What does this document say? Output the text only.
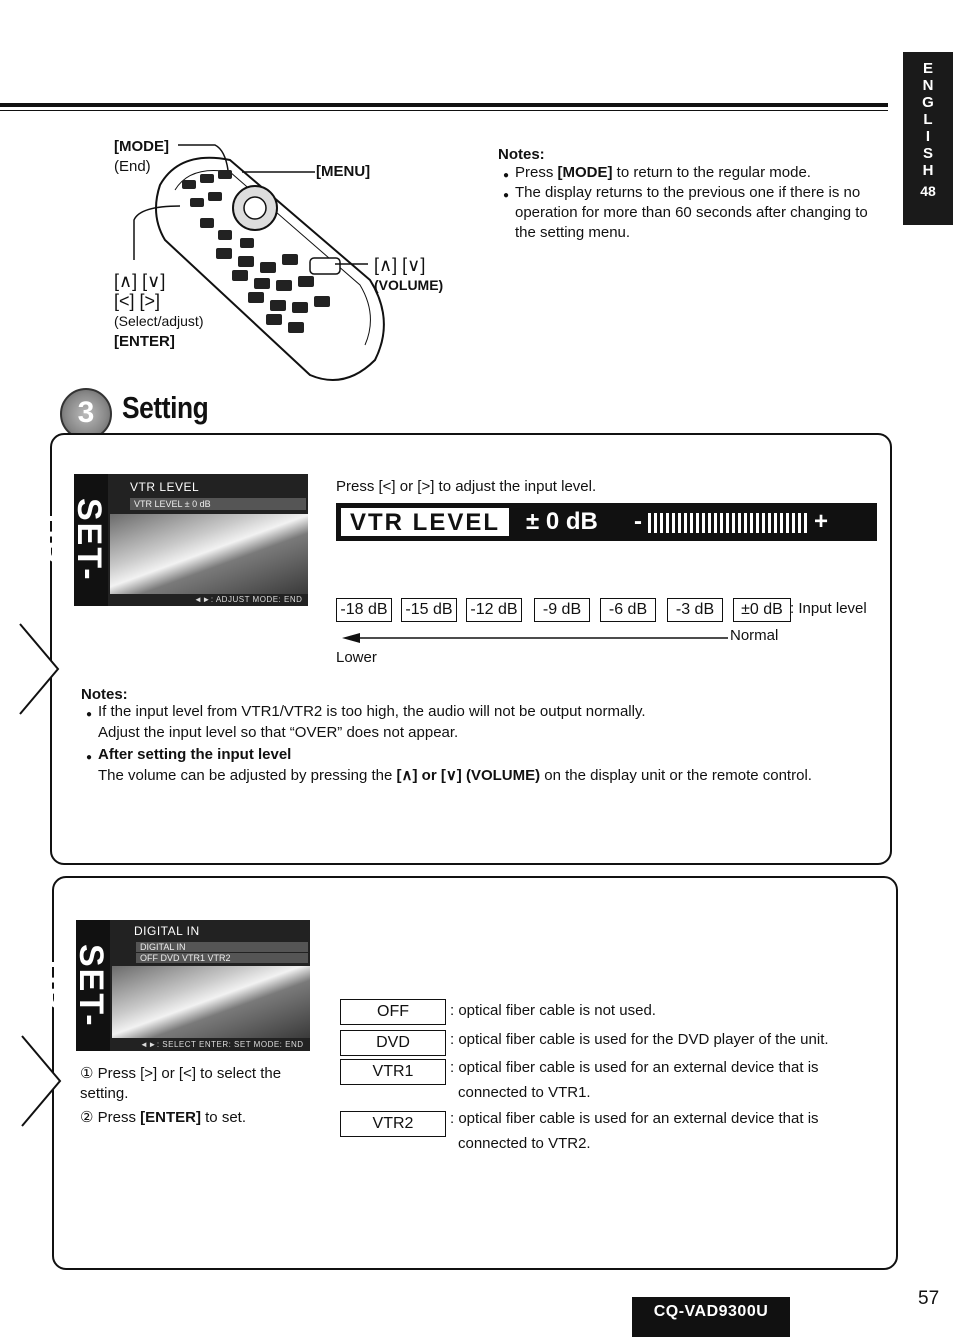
E
N
G
L
I
S
H
48
[MODE]
(End)	[MENU]
[∧] [∨]
[<] [>]
(Select/adjust)
[ENTER]
[∧] [∨]
(VOLUME)
Notes:
● Press [MODE] to return to the regular mode.
● The display returns to the previous one if there is no operation for more than 60 seconds after changing to the setting menu.
3 Setting
SET-UP
VTR LEVEL
VTR LEVEL ± 0 dB
◄►: ADJUST MODE: END
Press [<] or [>] to adjust the input level.
VTR LEVEL	± 0 dB -	+
-18 dB -15 dB -12 dB	-9 dB	-6 dB	-3 dB	±0 dB : Input level
Normal
Lower
Notes:
● If the input level from VTR1/VTR2 is too high, the audio will not be output normally.
Adjust the input level so that “OVER” does not appear.
● After setting the input level
The volume can be adjusted by pressing the [∧] or [∨] (VOLUME) on the display unit or the remote control.
SET-UP
DIGITAL IN
DIGITAL IN
OFF DVD VTR1 VTR2
◄►: SELECT ENTER: SET MODE: END
① Press [>] or [<] to select the setting.
② Press [ENTER] to set.
OFF	: optical fiber cable is not used.
DVD	: optical fiber cable is used for the DVD player of the unit.
VTR1	: optical fiber cable is used for an external device that is
connected to VTR1.
VTR2	: optical fiber cable is used for an external device that is
connected to VTR2.
CQ-VAD9300U
57
